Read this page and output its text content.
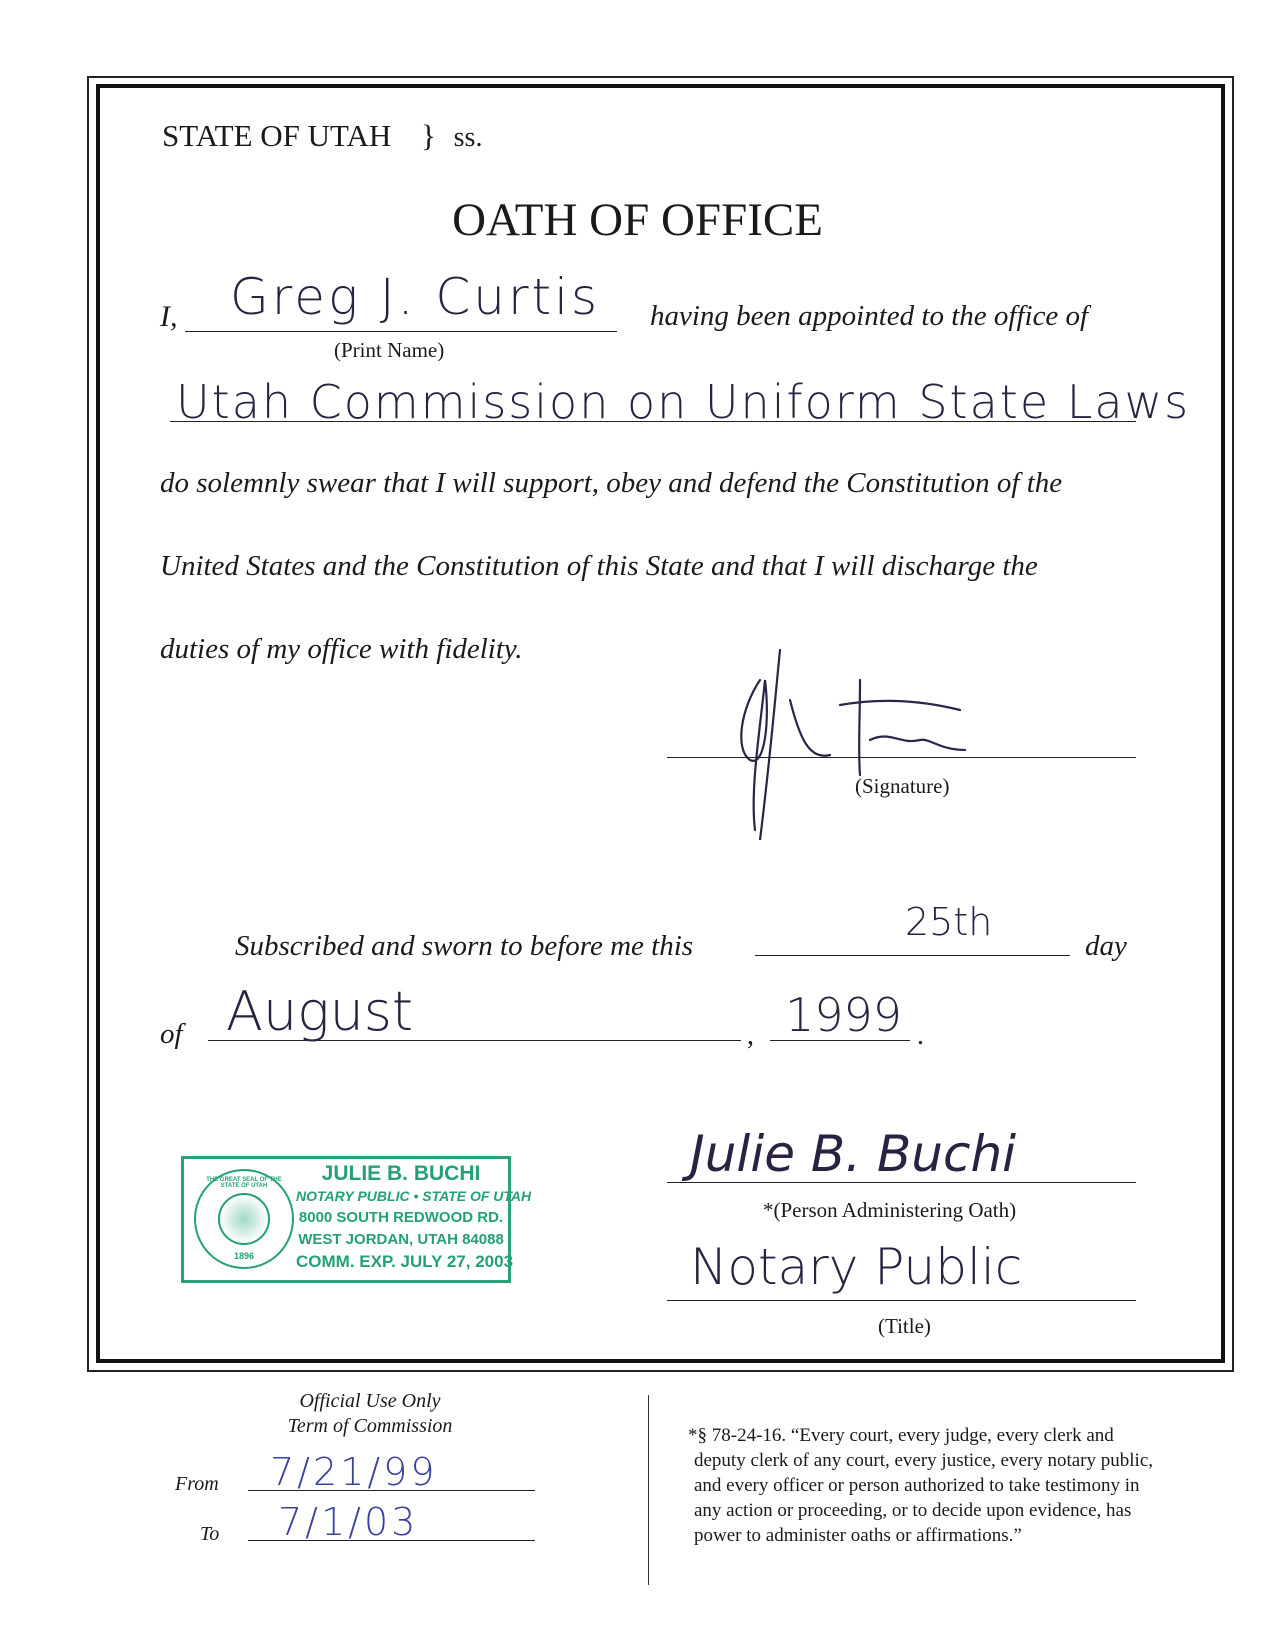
STATE OF UTAH } ss.
OATH OF OFFICE
I, Greg J. Curtis
(Print Name)
having been appointed to the office of
Utah Commission on Uniform State Laws
do solemnly swear that I will support, obey and defend the Constitution of the
United States and the Constitution of this State and that I will discharge the
duties of my office with fidelity.
(Signature)
Subscribed and sworn to before me this
25th
day
of August	, 1999 .
1896
THE GREAT SEAL OF THE STATE OF UTAH
JULIE B. BUCHI
NOTARY PUBLIC • STATE OF UTAH
8000 SOUTH REDWOOD RD.
WEST JORDAN, UTAH 84088
COMM. EXP. JULY 27, 2003
Julie B. Buchi
*(Person Administering Oath)
Notary Public
(Title)
Official Use Only
Term of Commission
From 7/21/99
To 7/1/03
*§ 78-24-16. “Every court, every judge, every clerk and
deputy clerk of any court, every justice, every notary public,
and every officer or person authorized to take testimony in
any action or proceeding, or to decide upon evidence, has
power to administer oaths or affirmations.”
